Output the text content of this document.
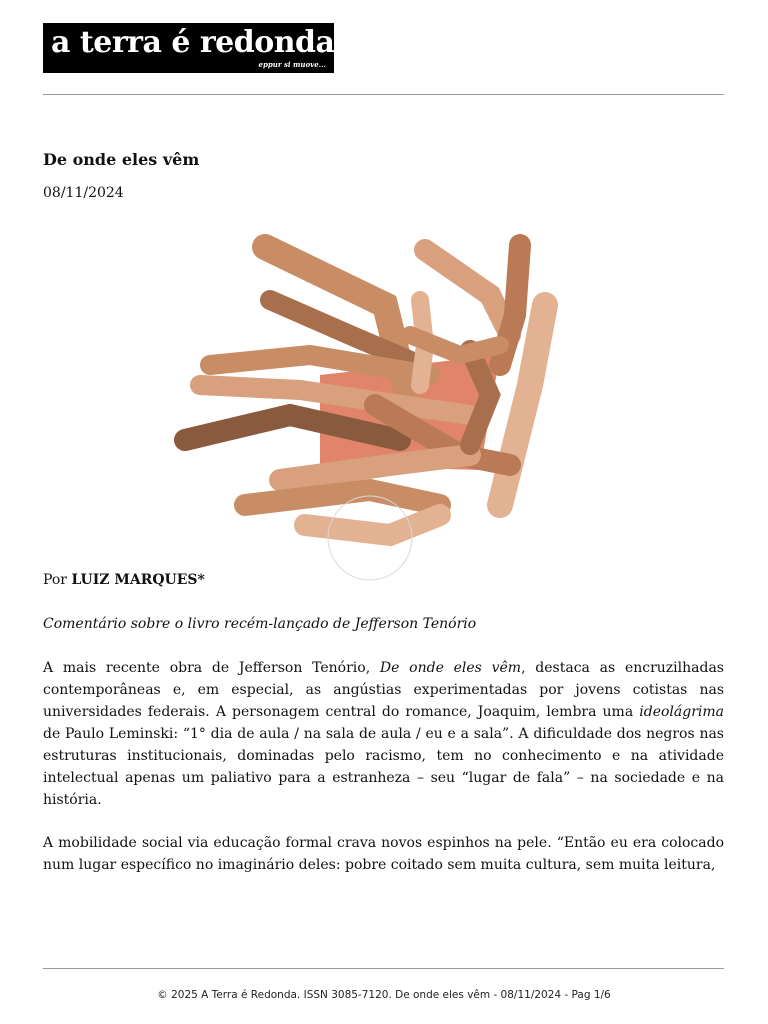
a terra é redonda
eppur si muove...
De onde eles vêm
08/11/2024
Por LUIZ MARQUES*
Comentário sobre o livro recém-lançado de Jefferson Tenório

A mais recente obra de Jefferson Tenório, De onde eles vêm, destaca as encruzilhadas contemporâneas e, em especial, as angústias experimentadas por jovens cotistas nas universidades federais. A personagem central do romance, Joaquim, lembra uma ideolágrima de Paulo Leminski: “1° dia de aula / na sala de aula / eu e a sala”. A dificuldade dos negros nas estruturas institucionais, dominadas pelo racismo, tem no conhecimento e na atividade intelectual apenas um paliativo para a estranheza – seu “lugar de fala” – na sociedade e na história.

A mobilidade social via educação formal crava novos espinhos na pele. “Então eu era colocado num lugar específico no imaginário deles: pobre coitado sem muita cultura, sem muita leitura,

© 2025 A Terra é Redonda. ISSN 3085-7120. De onde eles vêm - 08/11/2024 - Pag 1/6
